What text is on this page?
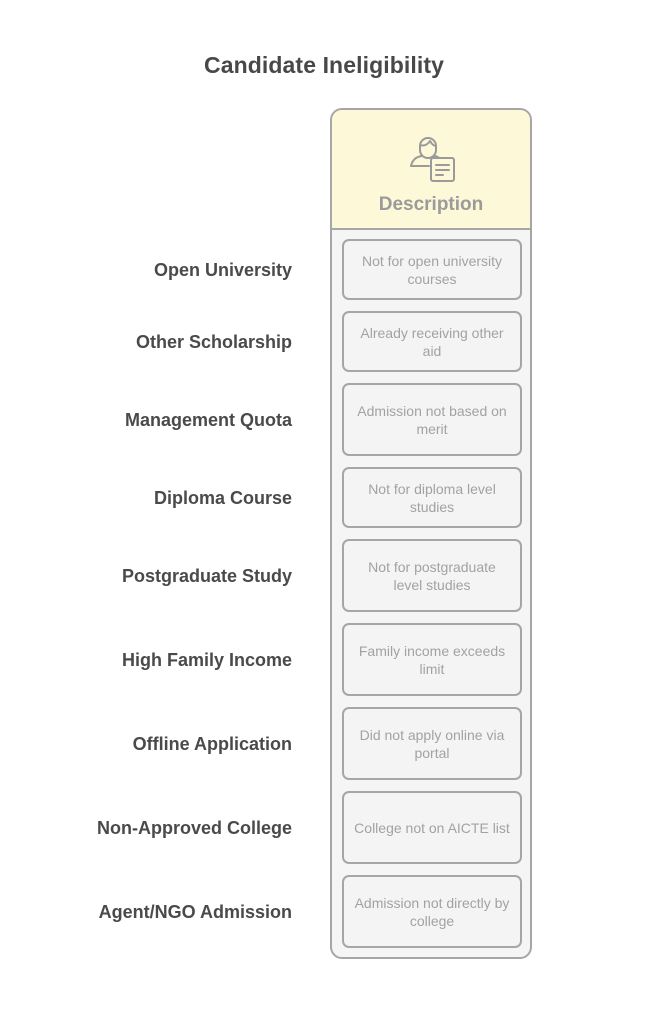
Candidate Ineligibility
Description
Open University	Not for open university courses
Other Scholarship	Already receiving other aid
Management Quota	Admission not based on merit
Diploma Course	Not for diploma level studies
Postgraduate Study	Not for postgraduate level studies
High Family Income	Family income exceeds limit
Offline Application	Did not apply online via portal
Non-Approved College	College not on AICTE list
Agent/NGO Admission	Admission not directly by college
